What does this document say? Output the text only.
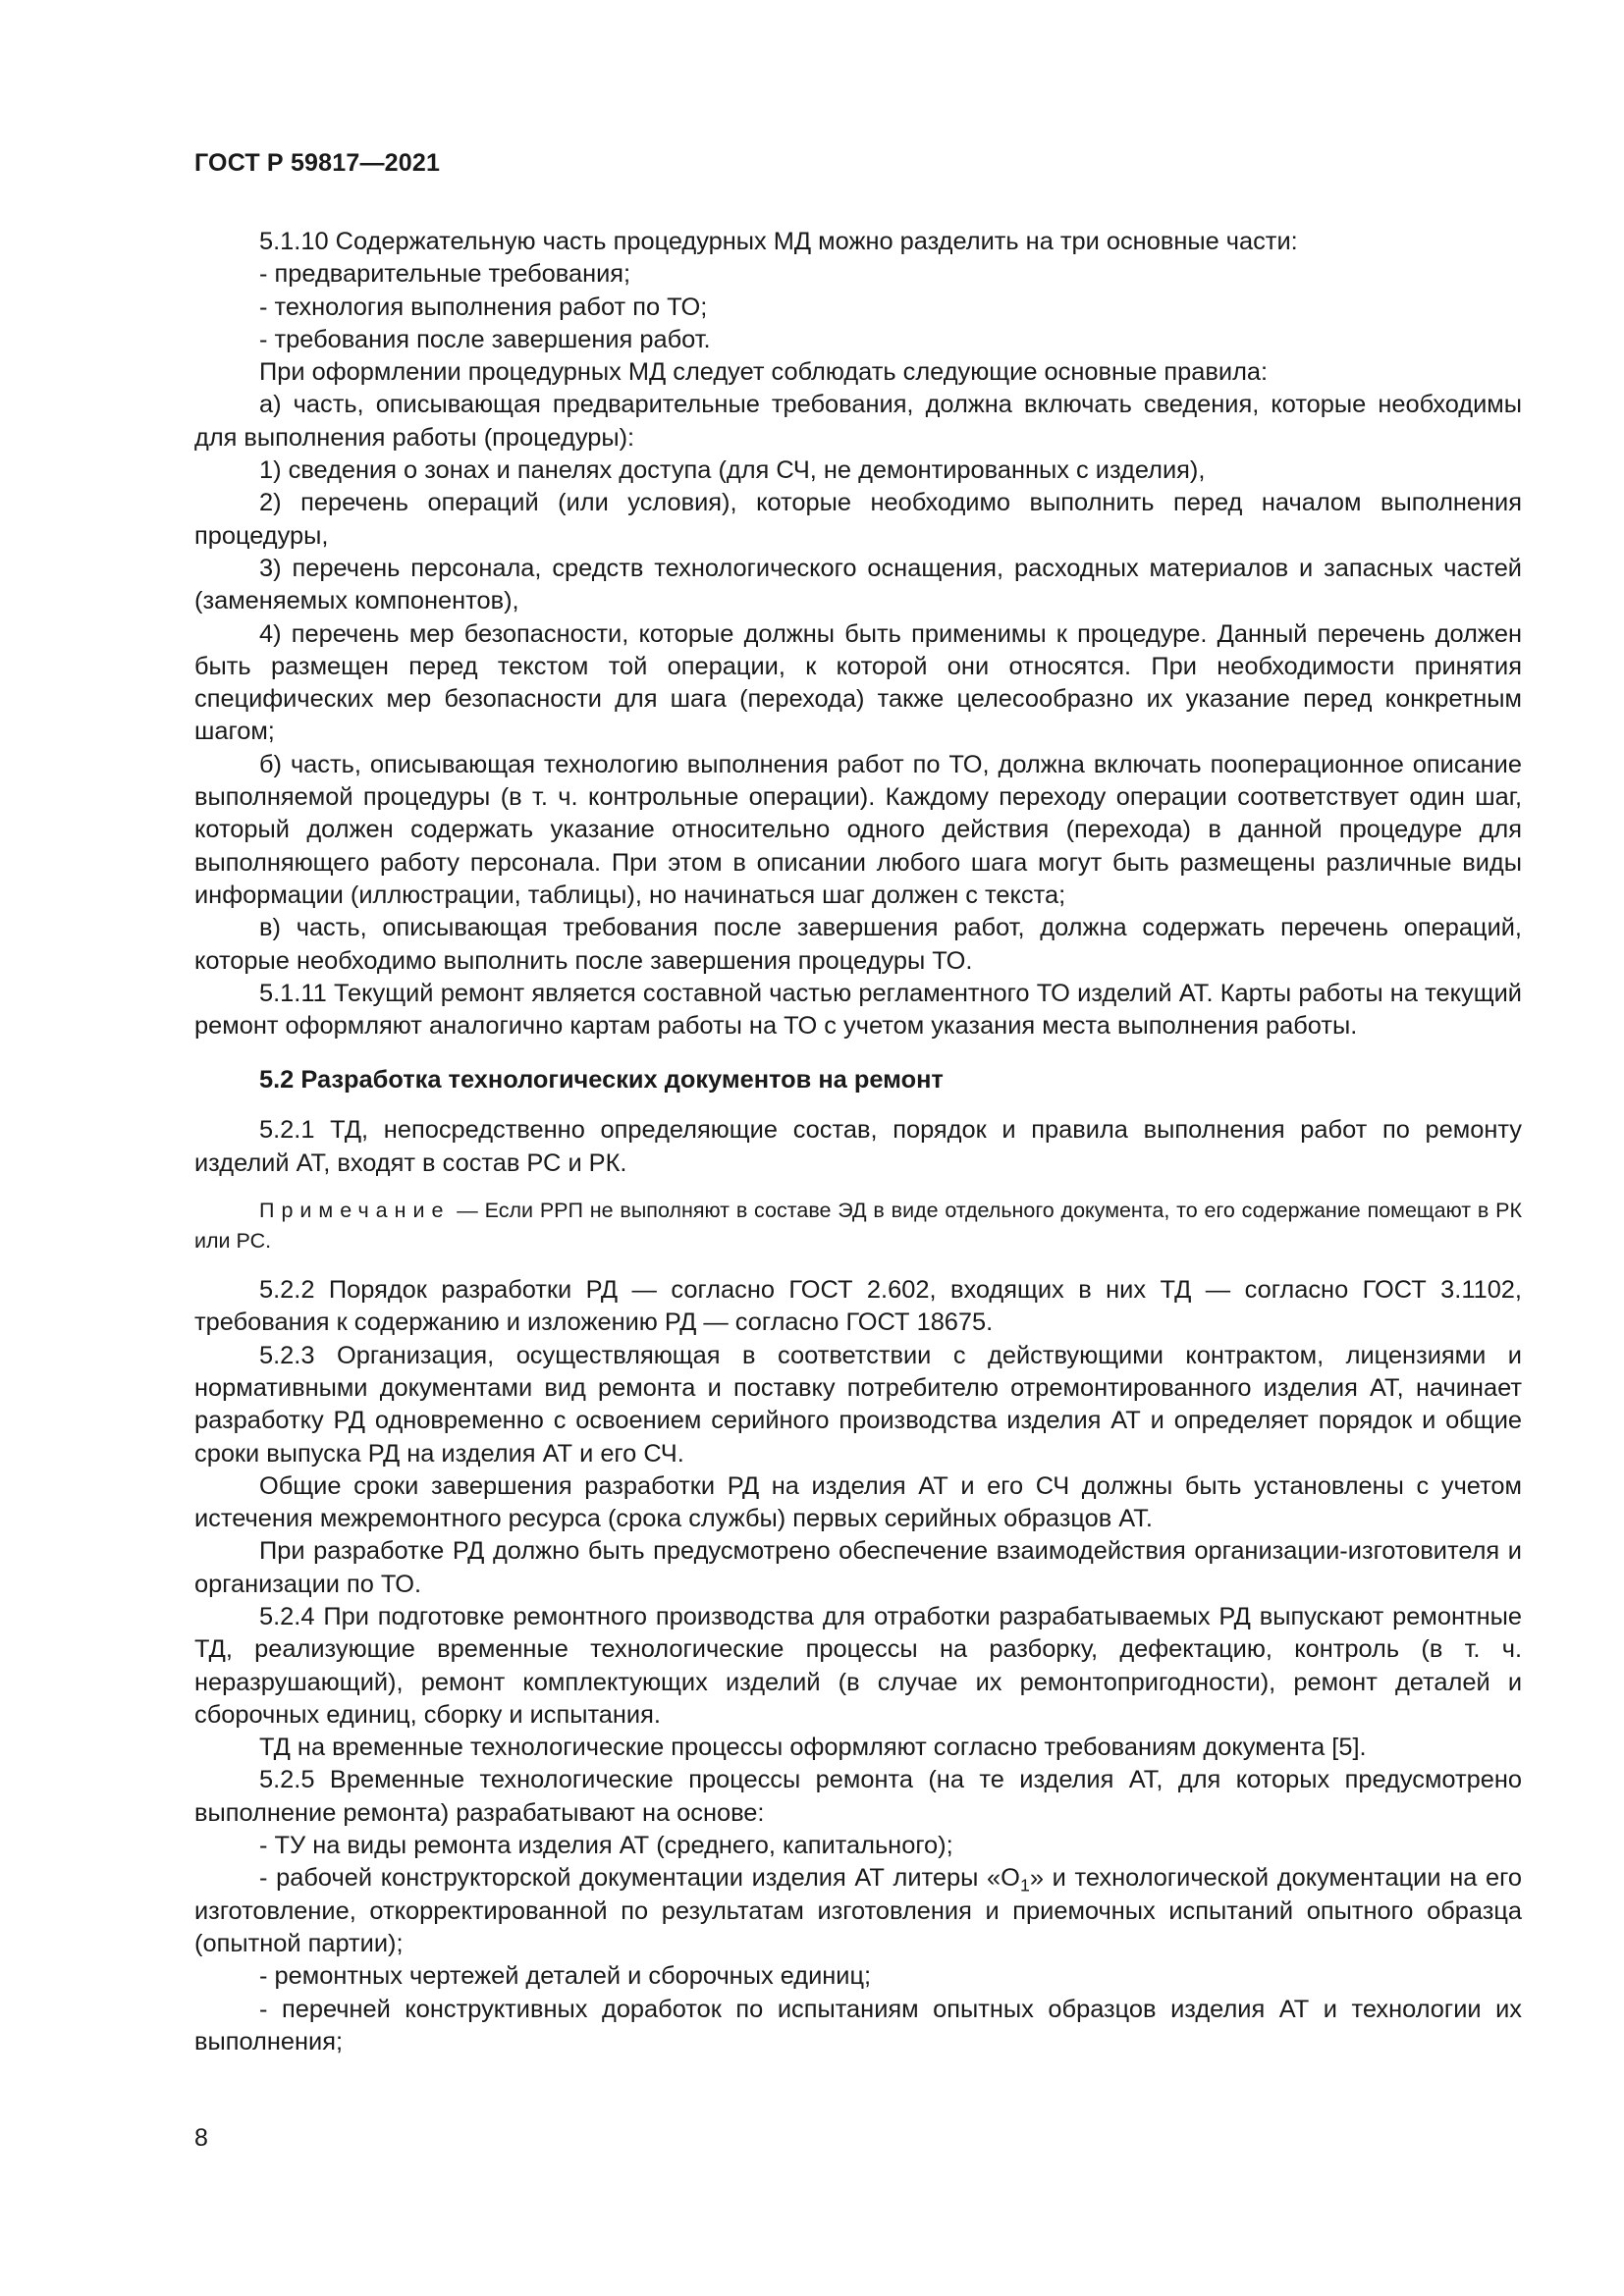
ГОСТ Р 59817—2021

5.1.10 Содержательную часть процедурных МД можно разделить на три основные части:

- предварительные требования;

- технология выполнения работ по ТО;

- требования после завершения работ.

При оформлении процедурных МД следует соблюдать следующие основные правила:

а) часть, описывающая предварительные требования, должна включать сведения, которые необходимы для выполнения работы (процедуры):

1) сведения о зонах и панелях доступа (для СЧ, не демонтированных с изделия),

2) перечень операций (или условия), которые необходимо выполнить перед началом выполнения процедуры,

3) перечень персонала, средств технологического оснащения, расходных материалов и запасных частей (заменяемых компонентов),

4) перечень мер безопасности, которые должны быть применимы к процедуре. Данный перечень должен быть размещен перед текстом той операции, к которой они относятся. При необходимости принятия специфических мер безопасности для шага (перехода) также целесообразно их указание перед конкретным шагом;

б) часть, описывающая технологию выполнения работ по ТО, должна включать пооперационное описание выполняемой процедуры (в т. ч. контрольные операции). Каждому переходу операции соответствует один шаг, который должен содержать указание относительно одного действия (перехода) в данной процедуре для выполняющего работу персонала. При этом в описании любого шага могут быть размещены различные виды информации (иллюстрации, таблицы), но начинаться шаг должен с текста;

в) часть, описывающая требования после завершения работ, должна содержать перечень операций, которые необходимо выполнить после завершения процедуры ТО.

5.1.11 Текущий ремонт является составной частью регламентного ТО изделий АТ. Карты работы на текущий ремонт оформляют аналогично картам работы на ТО с учетом указания места выполнения работы.

5.2 Разработка технологических документов на ремонт

5.2.1 ТД, непосредственно определяющие состав, порядок и правила выполнения работ по ремонту изделий АТ, входят в состав РС и РК.

Примечание — Если РРП не выполняют в составе ЭД в виде отдельного документа, то его содержание помещают в РК или РС.

5.2.2 Порядок разработки РД — согласно ГОСТ 2.602, входящих в них ТД — согласно ГОСТ 3.1102, требования к содержанию и изложению РД — согласно ГОСТ 18675.

5.2.3 Организация, осуществляющая в соответствии с действующими контрактом, лицензиями и нормативными документами вид ремонта и поставку потребителю отремонтированного изделия АТ, начинает разработку РД одновременно с освоением серийного производства изделия АТ и определяет порядок и общие сроки выпуска РД на изделия АТ и его СЧ.

Общие сроки завершения разработки РД на изделия АТ и его СЧ должны быть установлены с учетом истечения межремонтного ресурса (срока службы) первых серийных образцов АТ.

При разработке РД должно быть предусмотрено обеспечение взаимодействия организации-изготовителя и организации по ТО.

5.2.4 При подготовке ремонтного производства для отработки разрабатываемых РД выпускают ремонтные ТД, реализующие временные технологические процессы на разборку, дефектацию, контроль (в т. ч. неразрушающий), ремонт комплектующих изделий (в случае их ремонтопригодности), ремонт деталей и сборочных единиц, сборку и испытания.

ТД на временные технологические процессы оформляют согласно требованиям документа [5].

5.2.5 Временные технологические процессы ремонта (на те изделия АТ, для которых предусмотрено выполнение ремонта) разрабатывают на основе:

- ТУ на виды ремонта изделия АТ (среднего, капитального);

- рабочей конструкторской документации изделия АТ литеры «$О_1$» и технологической документации на его изготовление, откорректированной по результатам изготовления и приемочных испытаний опытного образца (опытной партии);

- ремонтных чертежей деталей и сборочных единиц;

- перечней конструктивных доработок по испытаниям опытных образцов изделия АТ и технологии их выполнения;

8
